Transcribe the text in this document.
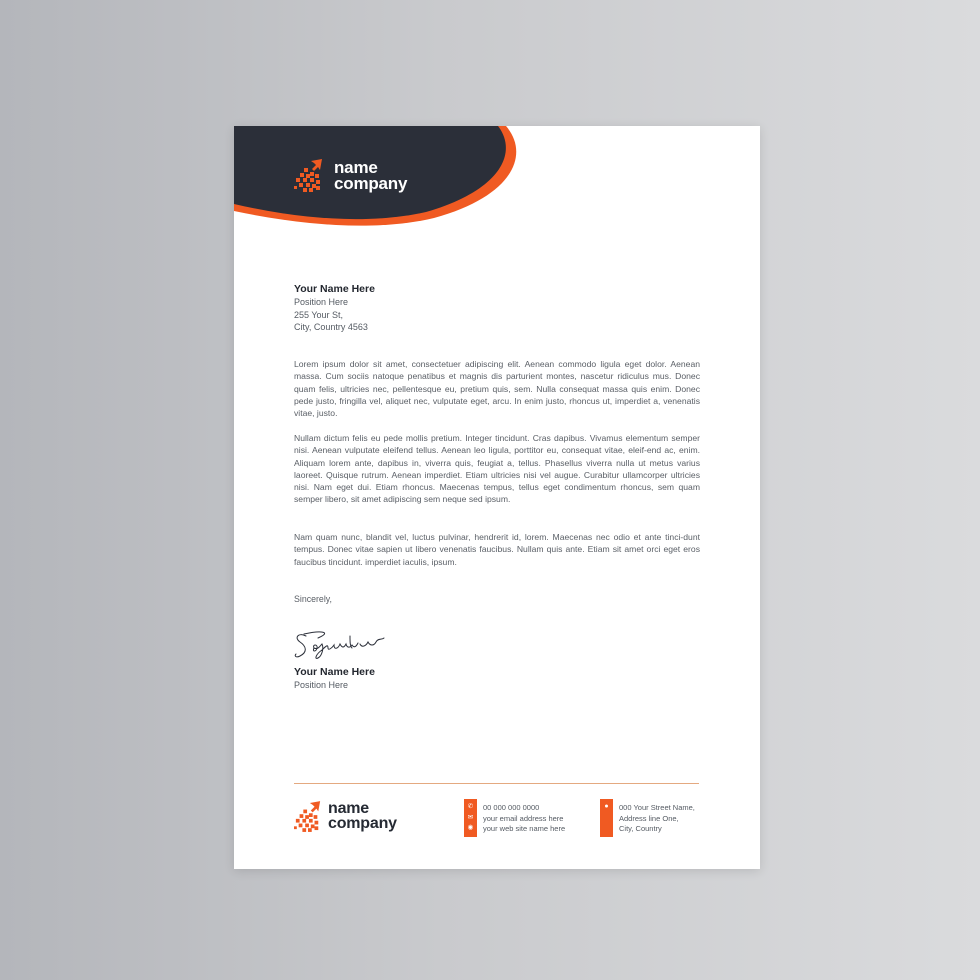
name
company
Your Name Here
Position Here
255 Your St,
City, Country 4563

Lorem ipsum dolor sit amet, consectetuer adipiscing elit. Aenean commodo ligula eget dolor. Aenean massa. Cum sociis natoque penatibus et magnis dis parturient montes, nascetur ridiculus mus. Donec quam felis, ultricies nec, pellentesque eu, pretium quis, sem. Nulla consequat massa quis enim. Donec pede justo, fringilla vel, aliquet nec, vulputate eget, arcu. In enim justo, rhoncus ut, imperdiet a, venenatis vitae, justo.

Nullam dictum felis eu pede mollis pretium. Integer tincidunt. Cras dapibus. Vivamus elementum semper nisi. Aenean vulputate eleifend tellus. Aenean leo ligula, porttitor eu, consequat vitae, eleif-end ac, enim. Aliquam lorem ante, dapibus in, viverra quis, feugiat a, tellus. Phasellus viverra nulla ut metus varius laoreet. Quisque rutrum. Aenean imperdiet. Etiam ultricies nisi vel augue. Curabitur ullamcorper ultricies nisi. Nam eget dui. Etiam rhoncus. Maecenas tempus, tellus eget condimentum rhoncus, sem quam semper libero, sit amet adipiscing sem neque sed ipsum.

Nam quam nunc, blandit vel, luctus pulvinar, hendrerit id, lorem. Maecenas nec odio et ante tinci-dunt tempus. Donec vitae sapien ut libero venenatis faucibus. Nullam quis ante. Etiam sit amet orci eget eros faucibus tincidunt. imperdiet iaculis, ipsum.

Sincerely,
Your Name Here
Position Here
name
company
✆
✉
◉
00 000 000 0000
your email address here
your web site name here
●	000 Your Street Name,
Address line One,
City, Country
